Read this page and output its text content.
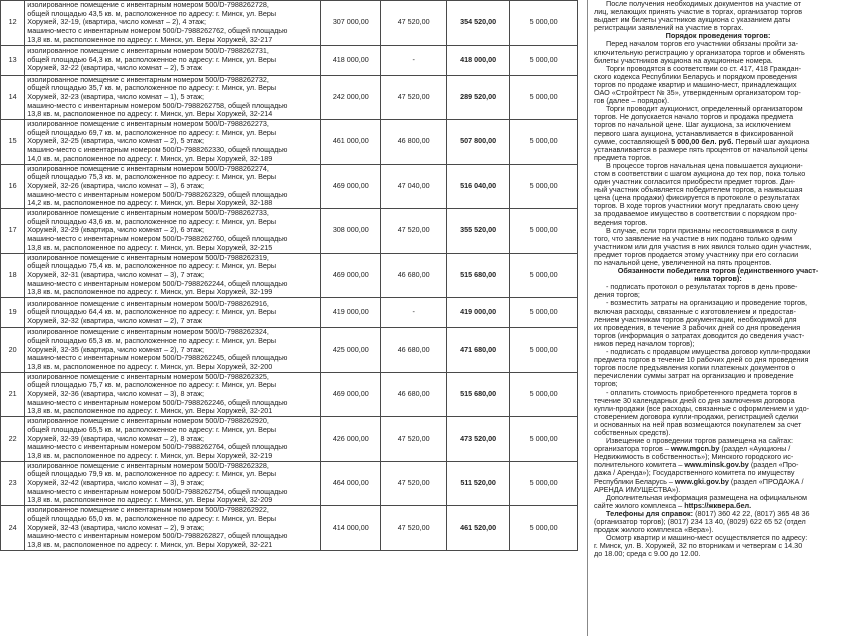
12	изолированное помещение с инвентарным номером 500/D-7988262728,
общей площадью 43,5 кв. м, расположенное по адресу: г. Минск, ул. Веры
Хоружей, 32-19, (квартира, число комнат – 2), 4 этаж;
машино-место с инвентарным номером 500/D-7988262762, общей площадью
13,8 кв. м, расположенное по адресу: г. Минск, ул. Веры Хоружей, 32-217	307 000,00	47 520,00	354 520,00	5 000,00
13	изолированное помещение с инвентарным номером 500/D-7988262731,
общей площадью 64,3 кв. м, расположенное по адресу: г. Минск, ул. Веры
Хоружей, 32-22 (квартира, число комнат – 2), 5 этаж	418 000,00	-	418 000,00	5 000,00
14	изолированное помещение с инвентарным номером 500/D-7988262732,
общей площадью 35,7 кв. м, расположенное по адресу: г. Минск, ул. Веры
Хоружей, 32-23 (квартира, число комнат – 1), 5 этаж;
машино-место с инвентарным номером 500/D-7988262758, общей площадью
13,8 кв. м, расположенное по адресу: г. Минск, ул. Веры Хоружей, 32-214	242 000,00	47 520,00	289 520,00	5 000,00
15	изолированное помещение с инвентарным номером 500/D-7988262273,
общей площадью 69,7 кв. м, расположенное по адресу: г. Минск, ул. Веры
Хоружей, 32-25 (квартира, число комнат – 2), 5 этаж;
машино-место с инвентарным номером 500/D-7988262330, общей площадью
14,0 кв. м, расположенное по адресу: г. Минск, ул. Веры Хоружей, 32-189	461 000,00	46 800,00	507 800,00	5 000,00
16	изолированное помещение с инвентарным номером 500/D-7988262274,
общей площадью 75,3 кв. м, расположенное по адресу: г. Минск, ул. Веры
Хоружей, 32-26 (квартира, число комнат – 3), 6 этаж;
машино-место с инвентарным номером 500/D-7988262329, общей площадью
14,2 кв. м, расположенное по адресу: г. Минск, ул. Веры Хоружей, 32-188	469 000,00	47 040,00	516 040,00	5 000,00
17	изолированное помещение с инвентарным номером 500/D-7988262733,
общей площадью 43,6 кв. м, расположенное по адресу: г. Минск, ул. Веры
Хоружей, 32-29 (квартира, число комнат – 2), 6 этаж;
машино-место с инвентарным номером 500/D-7988262760, общей площадью
13,8 кв. м, расположенное по адресу: г. Минск, ул. Веры Хоружей, 32-215	308 000,00	47 520,00	355 520,00	5 000,00
18	изолированное помещение с инвентарным номером 500/D-7988262319,
общей площадью 75,4 кв. м, расположенное по адресу: г. Минск, ул. Веры
Хоружей, 32-31 (квартира, число комнат – 3), 7 этаж;
машино-место с инвентарным номером 500/D-7988262244, общей площадью
13,8 кв. м, расположенное по адресу: г. Минск, ул. Веры Хоружей, 32-199	469 000,00	46 680,00	515 680,00	5 000,00
19	изолированное помещение с инвентарным номером 500/D-7988262916,
общей площадью 64,4 кв. м, расположенное по адресу: г. Минск, ул. Веры
Хоружей, 32-32 (квартира, число комнат – 2), 7 этаж	419 000,00	-	419 000,00	5 000,00
20	изолированное помещение с инвентарным номером 500/D-7988262324,
общей площадью 65,3 кв. м, расположенное по адресу: г. Минск, ул. Веры
Хоружей, 32-35 (квартира, число комнат – 2), 7 этаж;
машино-место с инвентарным номером 500/D-7988262245, общей площадью
13,8 кв. м, расположенное по адресу: г. Минск, ул. Веры Хоружей, 32-200	425 000,00	46 680,00	471 680,00	5 000,00
21	изолированное помещение с инвентарным номером 500/D-7988262325,
общей площадью 75,7 кв. м, расположенное по адресу: г. Минск, ул. Веры
Хоружей, 32-36 (квартира, число комнат – 3), 8 этаж;
машино-место с инвентарным номером 500/D-7988262246, общей площадью
13,8 кв. м, расположенное по адресу: г. Минск, ул. Веры Хоружей, 32-201	469 000,00	46 680,00	515 680,00	5 000,00
22	изолированное помещение с инвентарным номером 500/D-7988262920,
общей площадью 65,5 кв. м, расположенное по адресу: г. Минск, ул. Веры
Хоружей, 32-39 (квартира, число комнат – 2), 8 этаж;
машино-место с инвентарным номером 500/D-7988262764, общей площадью
13,8 кв. м, расположенное по адресу: г. Минск, ул. Веры Хоружей, 32-219	426 000,00	47 520,00	473 520,00	5 000,00
23	изолированное помещение с инвентарным номером 500/D-7988262328,
общей площадью 79,9 кв. м, расположенное по адресу: г. Минск, ул. Веры
Хоружей, 32-42 (квартира, число комнат – 3), 9 этаж;
машино-место с инвентарным номером 500/D-7988262754, общей площадью
13,8 кв. м, расположенное по адресу: г. Минск, ул. Веры Хоружей, 32-209	464 000,00	47 520,00	511 520,00	5 000,00
24	изолированное помещение с инвентарным номером 500/D-7988262922,
общей площадью 65,0 кв. м, расположенное по адресу: г. Минск, ул. Веры
Хоружей, 32-43 (квартира, число комнат – 2), 9 этаж;
машино-место с инвентарным номером 500/D-7988262827, общей площадью
13,8 кв. м, расположенное по адресу: г. Минск, ул. Веры Хоружей, 32-221	414 000,00	47 520,00	461 520,00	5 000,00

После получения необходимых документов на участие от
лиц, желающих принять участие в торгах, организатор торгов
выдает им билеты участников аукциона с указанием даты
регистрации заявлений на участие в торгах.

Порядок проведения торгов:

Перед началом торгов его участники обязаны пройти за-
ключительную регистрацию у организатора торгов и обменять
билеты участников аукциона на аукционные номера.

Торги проводятся в соответствии со ст. 417, 418 Граждан-
ского кодекса Республики Беларусь и порядком проведения
торгов по продаже квартир и машино-мест, принадлежащих
ОАО «Стройтрест № 35», утвержденным организатором тор-
гов (далее – порядок).

Торги проводит аукционист, определенный организатором
торгов. Не допускается начало торгов и продажа предмета
торгов по начальной цене. Шаг аукциона, за исключением
первого шага аукциона, устанавливается в фиксированной
сумме, составляющей 5 000,00 бел. руб. Первый шаг аукциона
устанавливается в размере пять процентов от начальной цены
предмета торгов.

В процессе торгов начальная цена повышается аукциони-
стом в соответствии с шагом аукциона до тех пор, пока только
один участник согласится приобрести предмет торгов. Дан-
ный участник объявляется победителем торгов, а наивысшая
цена (цена продажи) фиксируется в протоколе о результатах
торгов. В ходе торгов участники могут предлагать свою цену
за продаваемое имущество в соответствии с порядком про-
ведения торгов.

В случае, если торги признаны несостоявшимися в силу
того, что заявление на участие в них подано только одним
участником или для участия в них явился только один участник,
предмет торгов продается этому участнику при его согласии
по начальной цене, увеличенной на пять процентов.

Обязанности победителя торгов (единственного участ-
ника торгов):

- подписать протокол о результатах торгов в день прове-
дения торгов;

- возместить затраты на организацию и проведение торгов,
включая расходы, связанные с изготовлением и предостав-
лением участникам торгов документации, необходимой для
их проведения, в течение 3 рабочих дней со дня проведения
торгов (информация о затратах доводится до сведения участ-
ников перед началом торгов);

- подписать с продавцом имущества договор купли-продажи
предмета торгов в течение 10 рабочих дней со дня проведения
торгов после предъявления копии платежных документов о
перечислении суммы затрат на организацию и проведение
торгов;

- оплатить стоимость приобретенного предмета торгов в
течение 30 календарных дней со дня заключения договора
купли-продажи (все расходы, связанные с оформлением и удо-
стоверением договора купли-продажи, регистрацией сделки
и основанных на ней прав возмещаются покупателем за счет
собственных средств).

Извещение о проведении торгов размещена на сайтах:
организатора торгов – www.mgcn.by (раздел «Аукционы /
Недвижимость в собственность»); Минского городского ис-
полнительного комитета – www.minsk.gov.by (раздел «Про-
дажа / Аренда»); Государственного комитета по имуществу
Республики Беларусь – www.gki.gov.by (раздел «ПРОДАЖА /
АРЕНДА ИМУЩЕСТВА»).

Дополнительная информация размещена на официальном
сайте жилого комплекса – https://жквера.бел.

Телефоны для справок: (8017) 360 42 22, (8017) 365 48 36
(организатор торгов); (8017) 234 13 40, (8029) 622 65 52 (отдел
продаж жилого комплекса «Вера»).

Осмотр квартир и машино-мест осуществляется по адресу:
г. Минск, ул. В. Хоружей, 32 по вторникам и четвергам с 14.30
до 18.00; среда с 9.00 до 12.00.
